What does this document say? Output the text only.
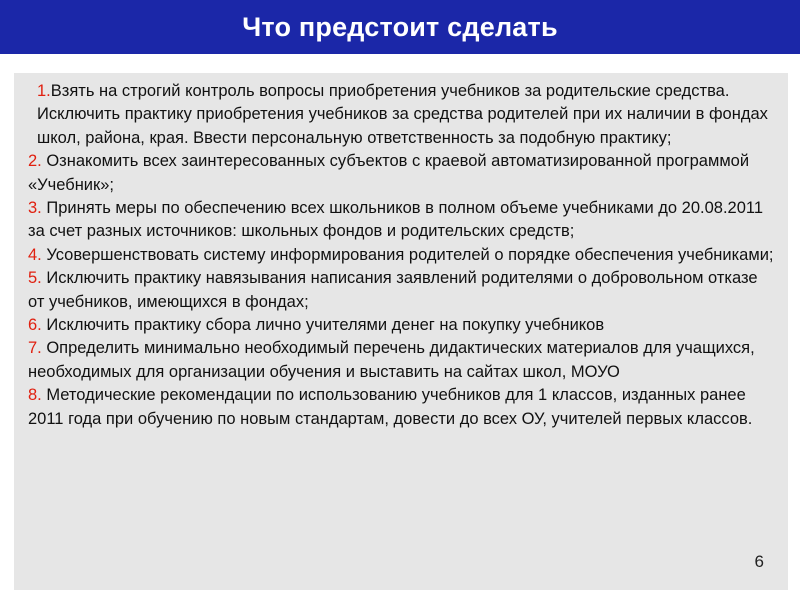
Что предстоит сделать
1.Взять на строгий контроль вопросы приобретения учебников за родительские средства. Исключить практику приобретения учебников за средства родителей при их наличии в фондах школ, района, края. Ввести персональную ответственность за подобную практику;
2. Ознакомить всех заинтересованных субъектов с краевой автоматизированной программой «Учебник»;
3. Принять меры по обеспечению всех школьников в полном объеме учебниками до 20.08.2011 за счет разных источников: школьных фондов и родительских средств;
4. Усовершенствовать систему информирования родителей о порядке обеспечения учебниками;
5. Исключить практику навязывания написания заявлений родителями о добровольном отказе от учебников, имеющихся в фондах;
6. Исключить практику сбора лично учителями денег на покупку учебников
7. Определить минимально необходимый перечень дидактических материалов для учащихся, необходимых для организации обучения и выставить на сайтах школ, МОУО
8. Методические рекомендации по использованию учебников для 1 классов, изданных ранее 2011 года при обучению по новым стандартам, довести до всех ОУ, учителей первых классов.
6
